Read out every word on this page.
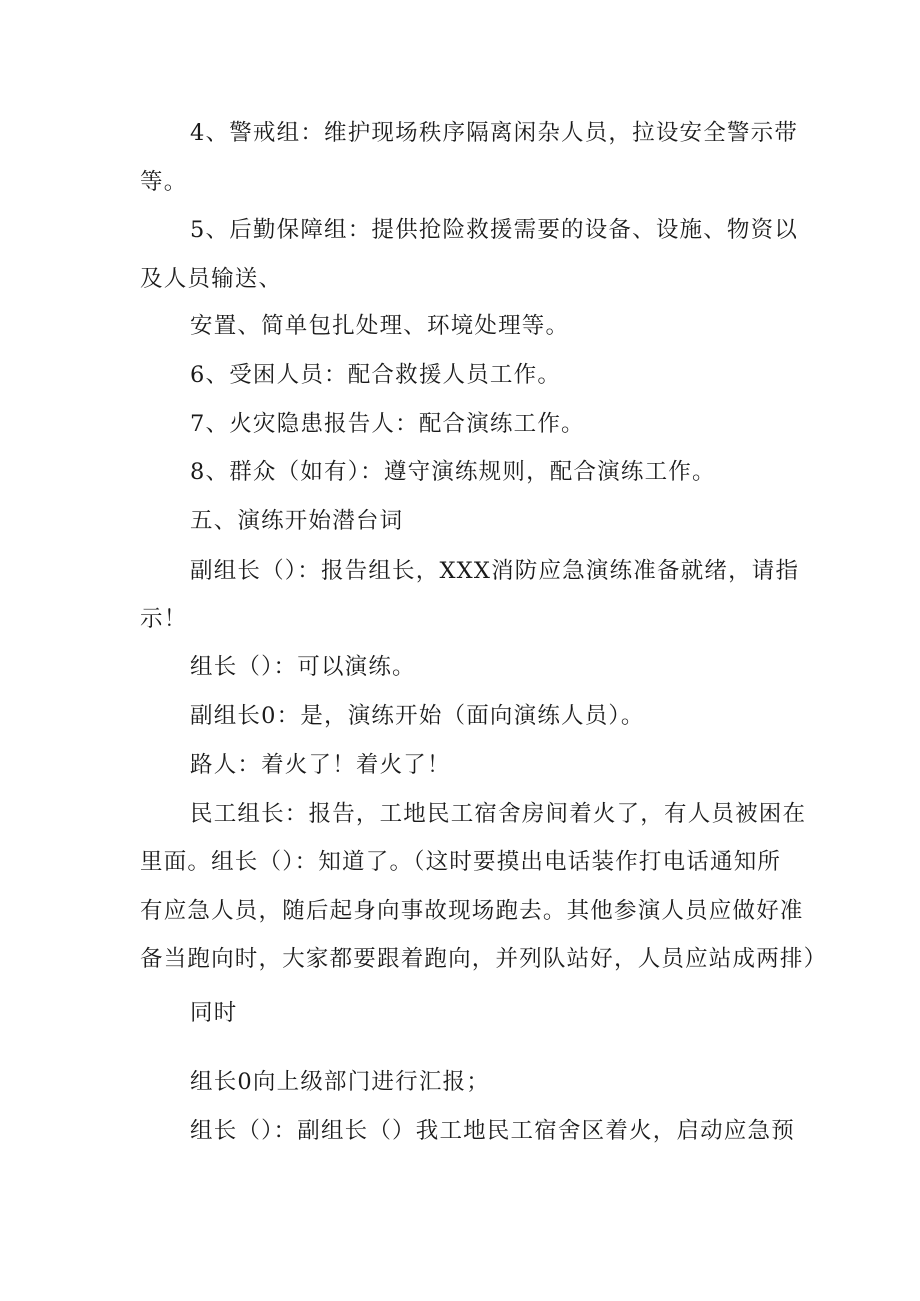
4、警戒组：维护现场秩序隔离闲杂人员，拉设安全警示带
等。
5、后勤保障组：提供抢险救援需要的设备、设施、物资以
及人员输送、
安置、简单包扎处理、环境处理等。
6、受困人员：配合救援人员工作。
7、火灾隐患报告人：配合演练工作。
8、群众（如有）：遵守演练规则，配合演练工作。
五、演练开始潜台词
副组长（）：报告组长，XXX消防应急演练准备就绪，请指
示！
组长（）：可以演练。
副组长0：是，演练开始（面向演练人员）。
路人：着火了！着火了！
民工组长：报告，工地民工宿舍房间着火了，有人员被困在
里面。组长（）：知道了。（这时要摸出电话装作打电话通知所
有应急人员，随后起身向事故现场跑去。其他参演人员应做好准
备当跑向时，大家都要跟着跑向，并列队站好，人员应站成两排）
同时
组长0向上级部门进行汇报；
组长（）：副组长（）我工地民工宿舍区着火，启动应急预
